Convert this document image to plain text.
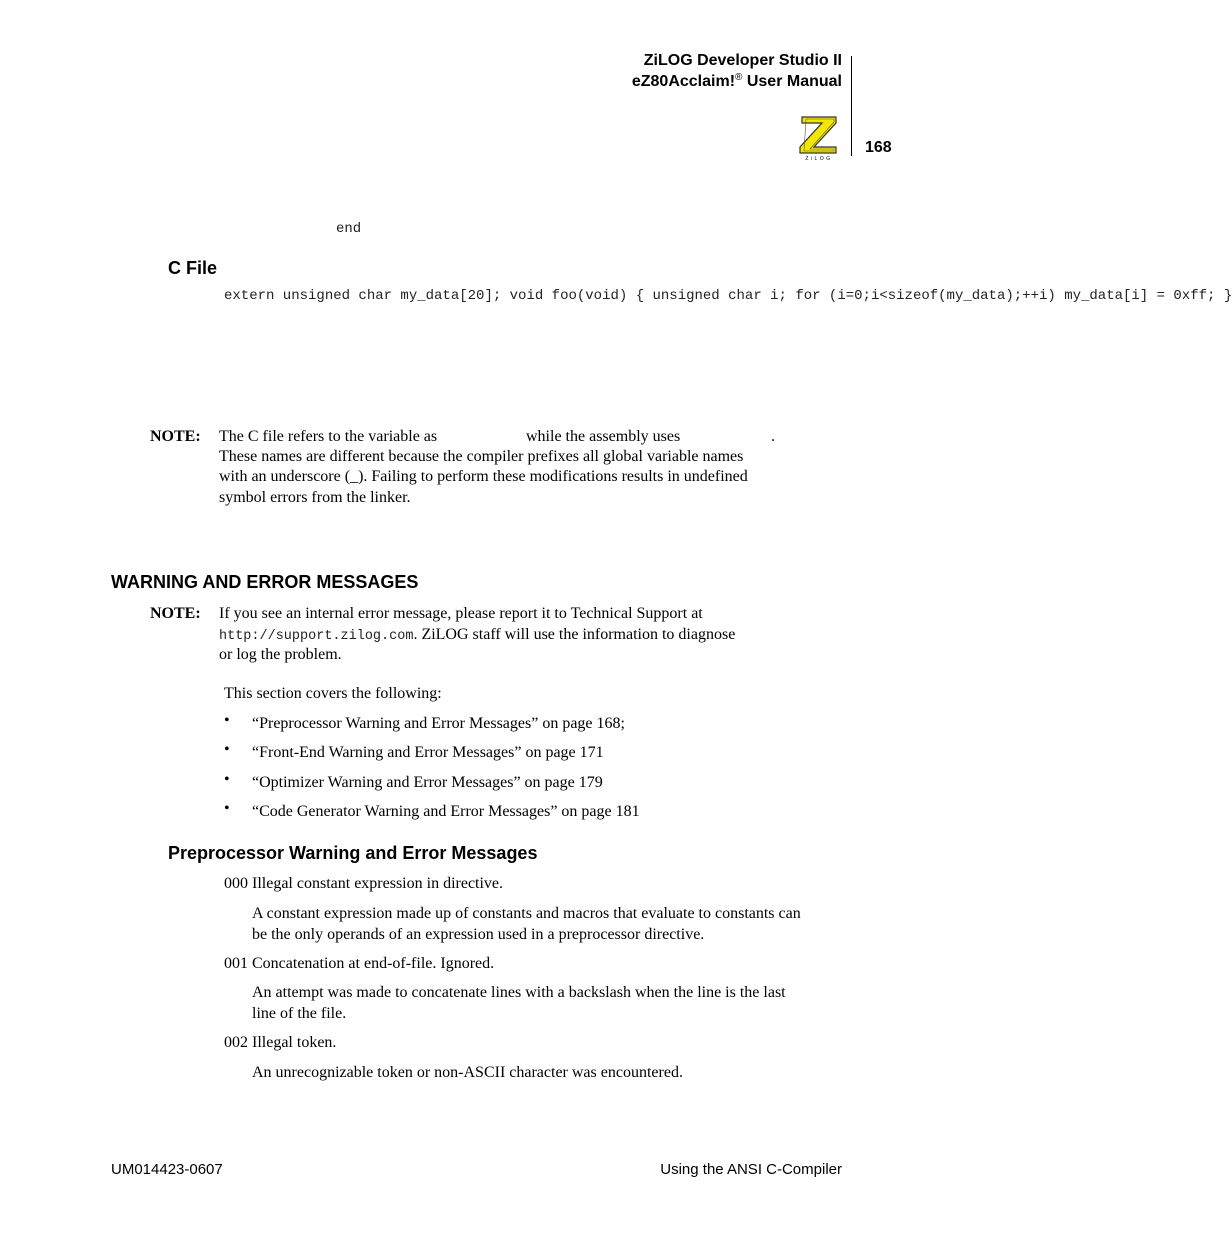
ZiLOG Developer Studio II
eZ80Acclaim!® User Manual
ZiLOG
168
end
C File
extern unsigned char my_data[20]; void foo(void) { unsigned char i; for (i=0;i<sizeof(my_data);++i) my_data[i] = 0xff; }
NOTE: The C file refers to the variable as	while the assembly uses	.
These names are different because the compiler prefixes all global variable names
with an underscore (_). Failing to perform these modifications results in undefined
symbol errors from the linker.
WARNING AND ERROR MESSAGES
NOTE: If you see an internal error message, please report it to Technical Support at
http://support.zilog.com. ZiLOG staff will use the information to diagnose
or log the problem.
This section covers the following:
• “Preprocessor Warning and Error Messages” on page 168;
• “Front-End Warning and Error Messages” on page 171
• “Optimizer Warning and Error Messages” on page 179
• “Code Generator Warning and Error Messages” on page 181
Preprocessor Warning and Error Messages
000 Illegal constant expression in directive.
A constant expression made up of constants and macros that evaluate to constants can
be the only operands of an expression used in a preprocessor directive.
001 Concatenation at end-of-file. Ignored.
An attempt was made to concatenate lines with a backslash when the line is the last
line of the file.
002 Illegal token.
An unrecognizable token or non-ASCII character was encountered.
UM014423-0607	Using the ANSI C-Compiler
